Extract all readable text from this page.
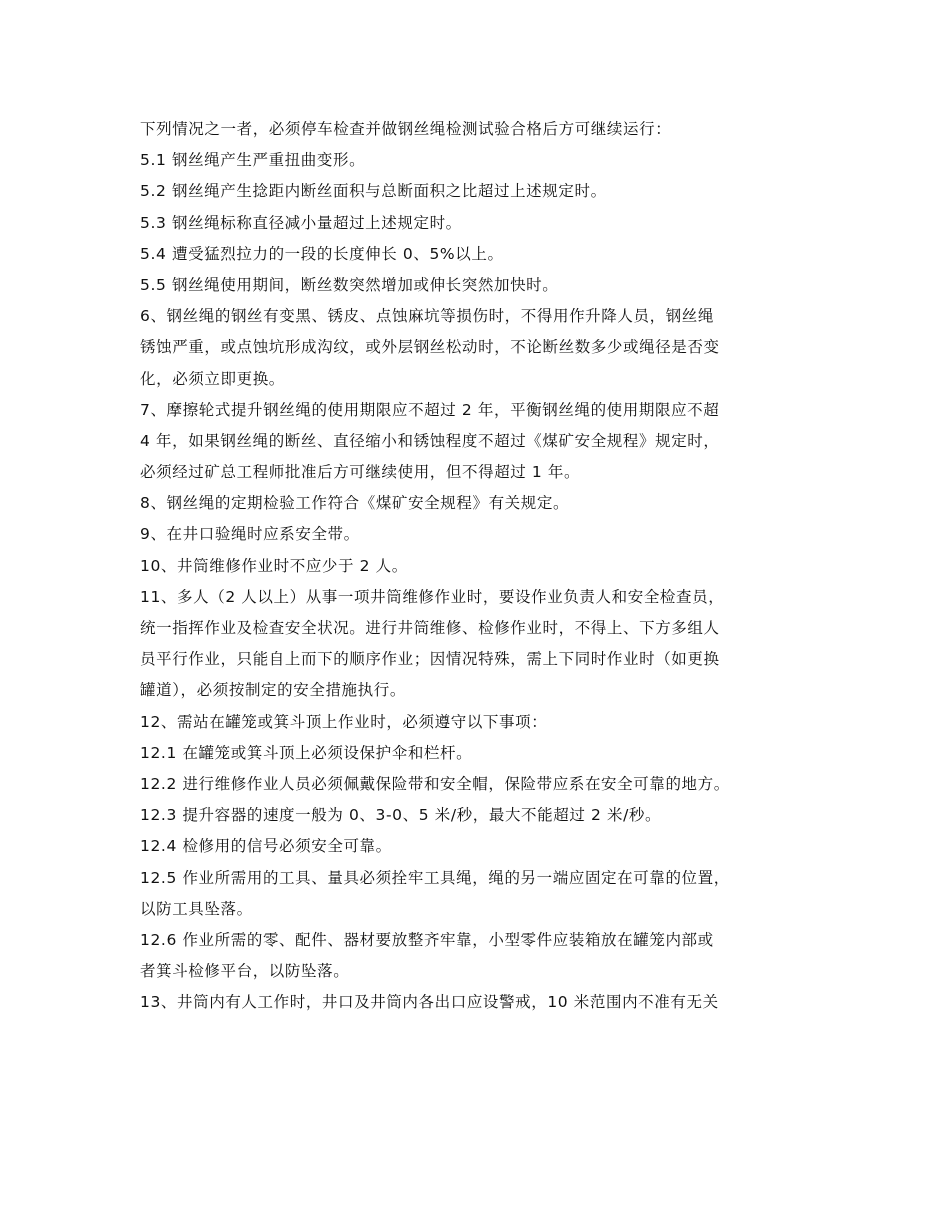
下列情况之一者，必须停车检查并做钢丝绳检测试验合格后方可继续运行：
5.1 钢丝绳产生严重扭曲变形。
5.2 钢丝绳产生捻距内断丝面积与总断面积之比超过上述规定时。
5.3 钢丝绳标称直径减小量超过上述规定时。
5.4 遭受猛烈拉力的一段的长度伸长 0、5%以上。
5.5 钢丝绳使用期间，断丝数突然增加或伸长突然加快时。
6、钢丝绳的钢丝有变黑、锈皮、点蚀麻坑等损伤时，不得用作升降人员，钢丝绳
锈蚀严重，或点蚀坑形成沟纹，或外层钢丝松动时，不论断丝数多少或绳径是否变
化，必须立即更换。
7、摩擦轮式提升钢丝绳的使用期限应不超过 2 年，平衡钢丝绳的使用期限应不超
4 年，如果钢丝绳的断丝、直径缩小和锈蚀程度不超过《煤矿安全规程》规定时，
必须经过矿总工程师批准后方可继续使用，但不得超过 1 年。
8、钢丝绳的定期检验工作符合《煤矿安全规程》有关规定。
9、在井口验绳时应系安全带。
10、井筒维修作业时不应少于 2 人。
11、多人（2 人以上）从事一项井筒维修作业时，要设作业负责人和安全检查员，
统一指挥作业及检查安全状况。进行井筒维修、检修作业时，不得上、下方多组人
员平行作业，只能自上而下的顺序作业；因情况特殊，需上下同时作业时（如更换
罐道），必须按制定的安全措施执行。
12、需站在罐笼或箕斗顶上作业时，必须遵守以下事项：
12.1 在罐笼或箕斗顶上必须设保护伞和栏杆。
12.2 进行维修作业人员必须佩戴保险带和安全帽，保险带应系在安全可靠的地方。
12.3 提升容器的速度一般为 0、3-0、5 米/秒，最大不能超过 2 米/秒。
12.4 检修用的信号必须安全可靠。
12.5 作业所需用的工具、量具必须拴牢工具绳，绳的另一端应固定在可靠的位置，
以防工具坠落。
12.6 作业所需的零、配件、器材要放整齐牢靠，小型零件应装箱放在罐笼内部或
者箕斗检修平台，以防坠落。
13、井筒内有人工作时，井口及井筒内各出口应设警戒，10 米范围内不准有无关
